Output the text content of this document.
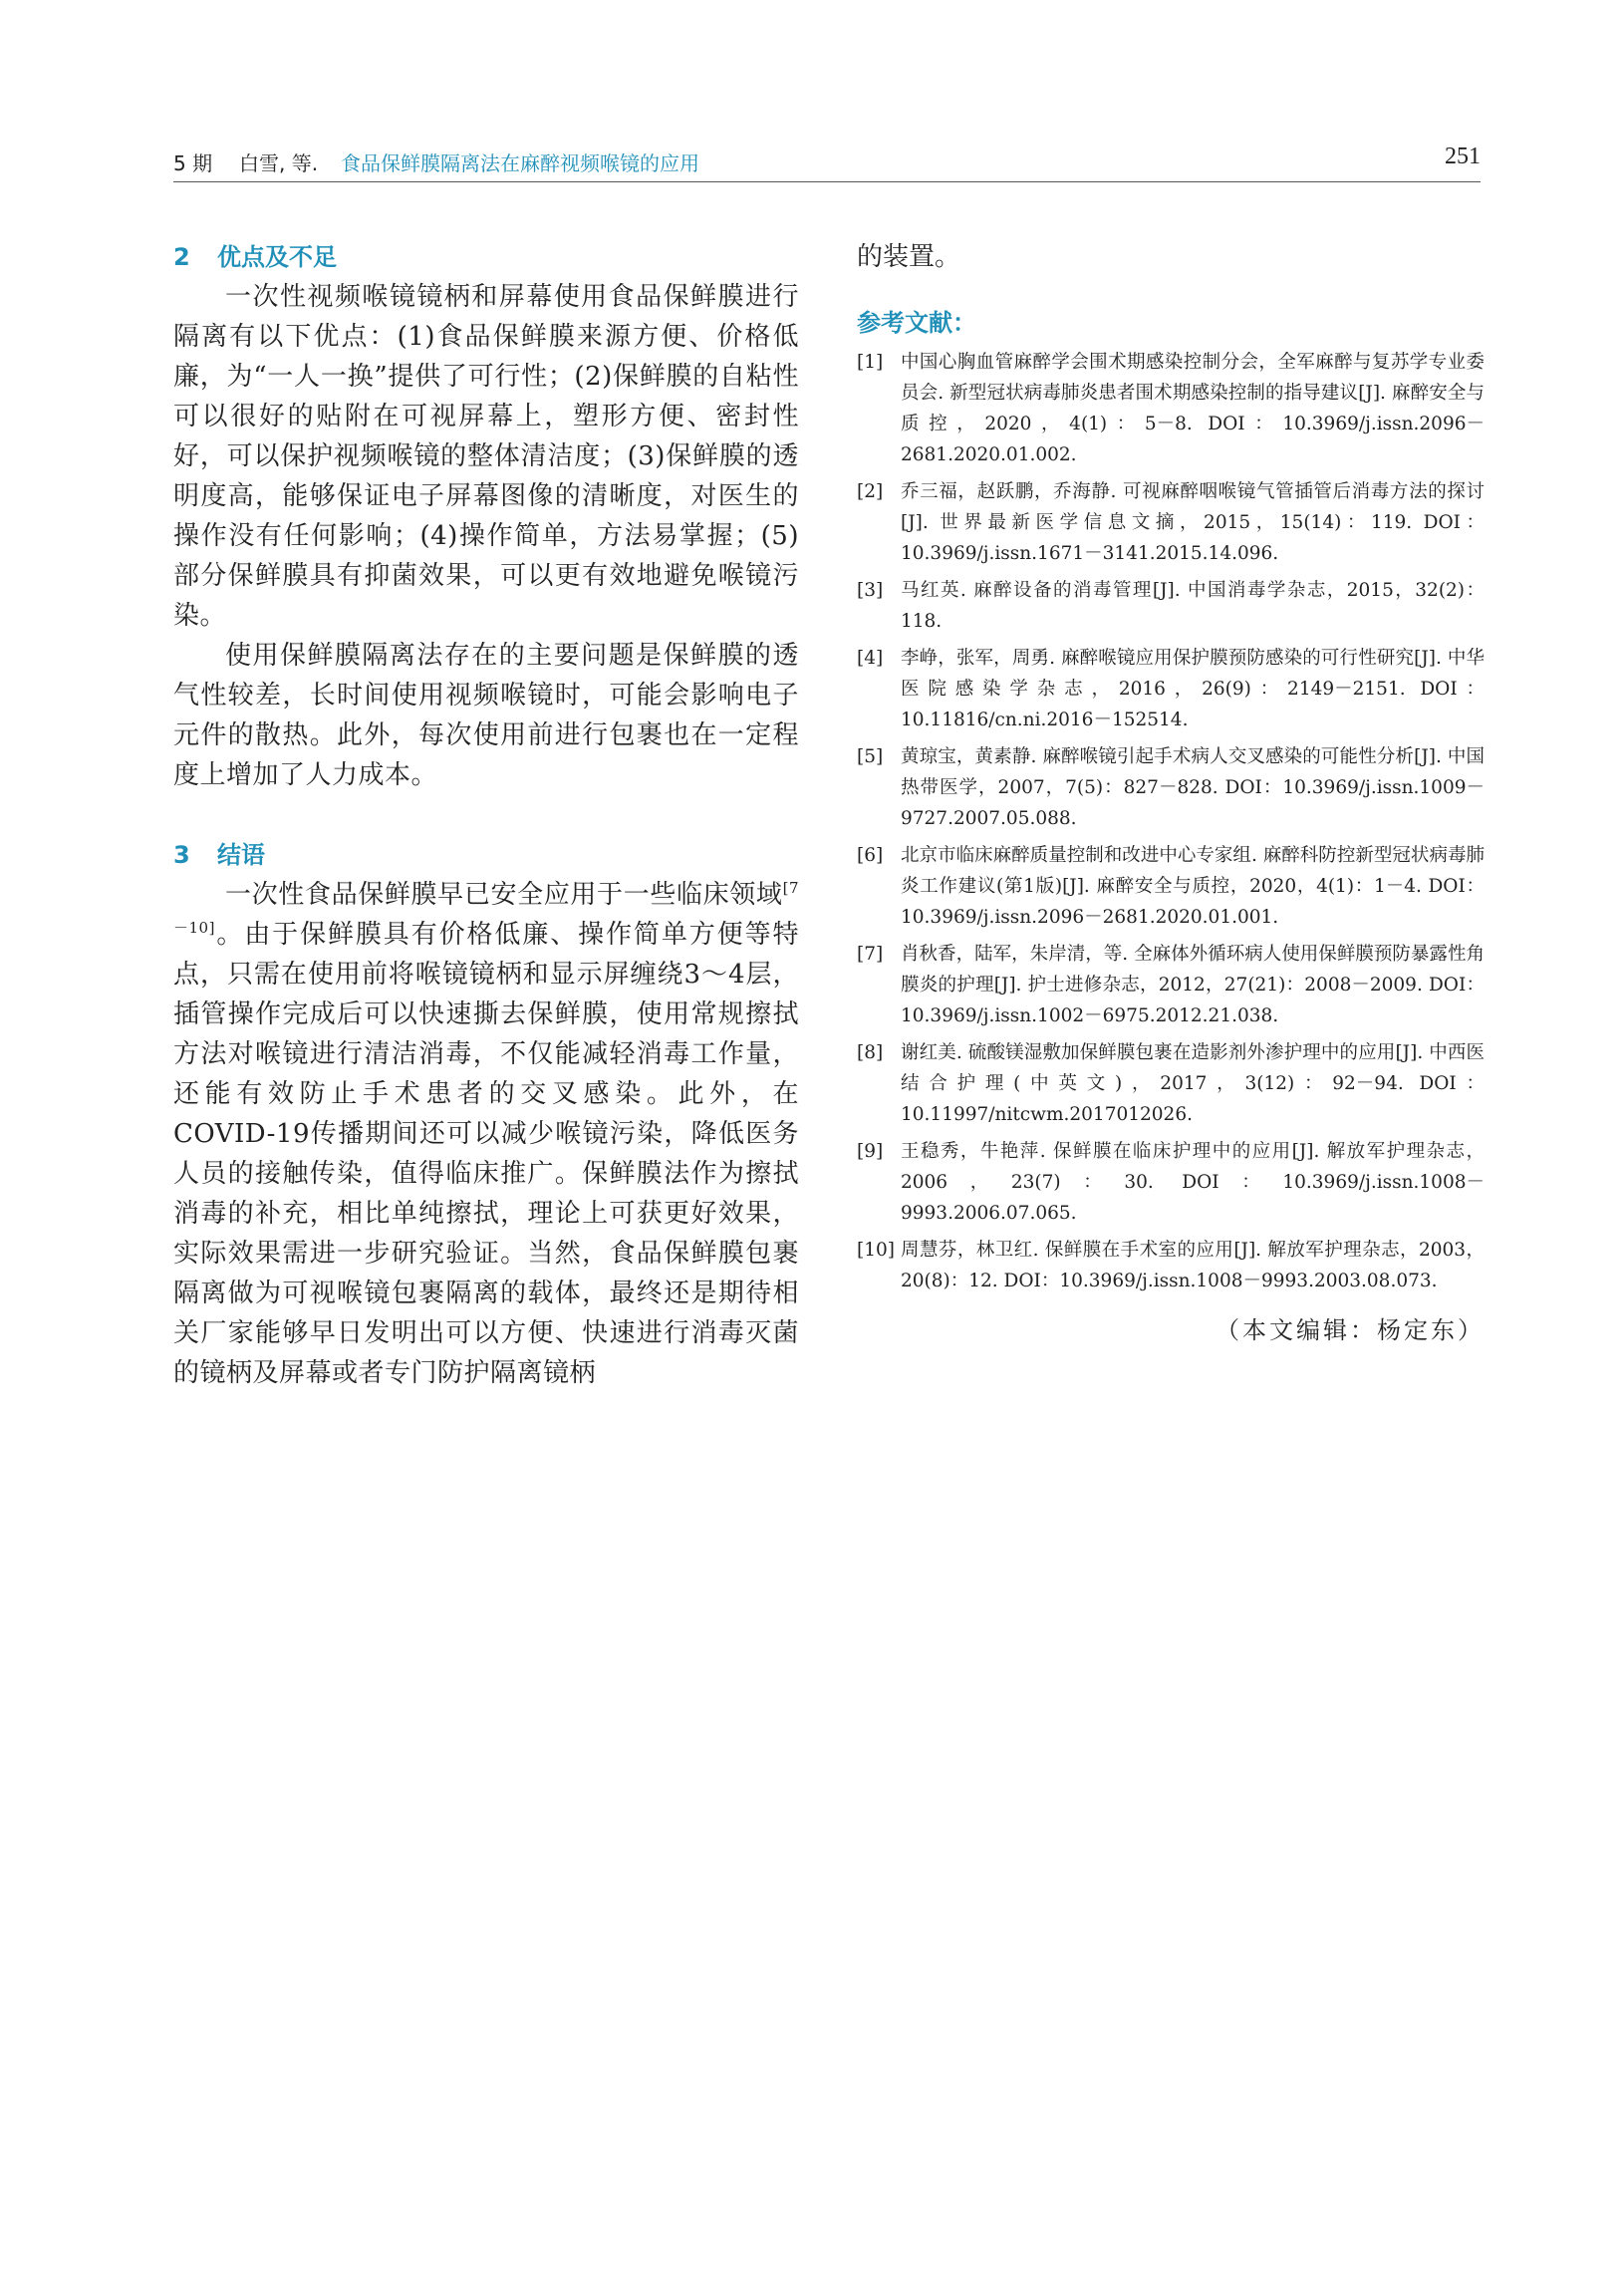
5 期 白雪, 等. 食品保鲜膜隔离法在麻醉视频喉镜的应用	251
2 优点及不足

一次性视频喉镜镜柄和屏幕使用食品保鲜膜进行隔离有以下优点：(1)食品保鲜膜来源方便、价格低廉，为“一人一换”提供了可行性；(2)保鲜膜的自粘性可以很好的贴附在可视屏幕上，塑形方便、密封性好，可以保护视频喉镜的整体清洁度；(3)保鲜膜的透明度高，能够保证电子屏幕图像的清晰度，对医生的操作没有任何影响；(4)操作简单，方法易掌握；(5)部分保鲜膜具有抑菌效果，可以更有效地避免喉镜污染。

使用保鲜膜隔离法存在的主要问题是保鲜膜的透气性较差，长时间使用视频喉镜时，可能会影响电子元件的散热。此外，每次使用前进行包裹也在一定程度上增加了人力成本。

3 结语

一次性食品保鲜膜早已安全应用于一些临床领域[7－10]。由于保鲜膜具有价格低廉、操作简单方便等特点，只需在使用前将喉镜镜柄和显示屏缠绕3～4层，插管操作完成后可以快速撕去保鲜膜，使用常规擦拭方法对喉镜进行清洁消毒，不仅能减轻消毒工作量，还能有效防止手术患者的交叉感染。此外，在COVID-19传播期间还可以减少喉镜污染，降低医务人员的接触传染，值得临床推广。保鲜膜法作为擦拭消毒的补充，相比单纯擦拭，理论上可获更好效果，实际效果需进一步研究验证。当然，食品保鲜膜包裹隔离做为可视喉镜包裹隔离的载体，最终还是期待相关厂家能够早日发明出可以方便、快速进行消毒灭菌的镜柄及屏幕或者专门防护隔离镜柄

的装置。

参考文献：
[1] 中国心胸血管麻醉学会围术期感染控制分会，全军麻醉与复苏学专业委员会. 新型冠状病毒肺炎患者围术期感染控制的指导建议[J]. 麻醉安全与质控，2020，4(1)：5－8. DOI：10.3969/j.issn.2096－2681.2020.01.002.
[2] 乔三福，赵跃鹏，乔海静. 可视麻醉咽喉镜气管插管后消毒方法的探讨[J]. 世界最新医学信息文摘，2015，15(14)：119. DOI：10.3969/j.issn.1671－3141.2015.14.096.
[3] 马红英. 麻醉设备的消毒管理[J]. 中国消毒学杂志，2015，32(2)：118.
[4] 李峥，张军，周勇. 麻醉喉镜应用保护膜预防感染的可行性研究[J]. 中华医院感染学杂志，2016，26(9)：2149－2151. DOI：10.11816/cn.ni.2016－152514.
[5] 黄琼宝，黄素静. 麻醉喉镜引起手术病人交叉感染的可能性分析[J]. 中国热带医学，2007，7(5)：827－828. DOI：10.3969/j.issn.1009－9727.2007.05.088.
[6] 北京市临床麻醉质量控制和改进中心专家组. 麻醉科防控新型冠状病毒肺炎工作建议(第1版)[J]. 麻醉安全与质控，2020，4(1)：1－4. DOI：10.3969/j.issn.2096－2681.2020.01.001.
[7] 肖秋香，陆军，朱岸清，等. 全麻体外循环病人使用保鲜膜预防暴露性角膜炎的护理[J]. 护士进修杂志，2012，27(21)：2008－2009. DOI：10.3969/j.issn.1002－6975.2012.21.038.
[8] 谢红美. 硫酸镁湿敷加保鲜膜包裹在造影剂外渗护理中的应用[J]. 中西医结合护理(中英文)，2017，3(12)：92－94. DOI：10.11997/nitcwm.2017012026.
[9] 王稳秀，牛艳萍. 保鲜膜在临床护理中的应用[J]. 解放军护理杂志，2006，23(7)：30. DOI：10.3969/j.issn.1008－9993.2006.07.065.
[10] 周慧芬，林卫红. 保鲜膜在手术室的应用[J]. 解放军护理杂志，2003，20(8)：12. DOI：10.3969/j.issn.1008－9993.2003.08.073.
（本文编辑：杨定东）
